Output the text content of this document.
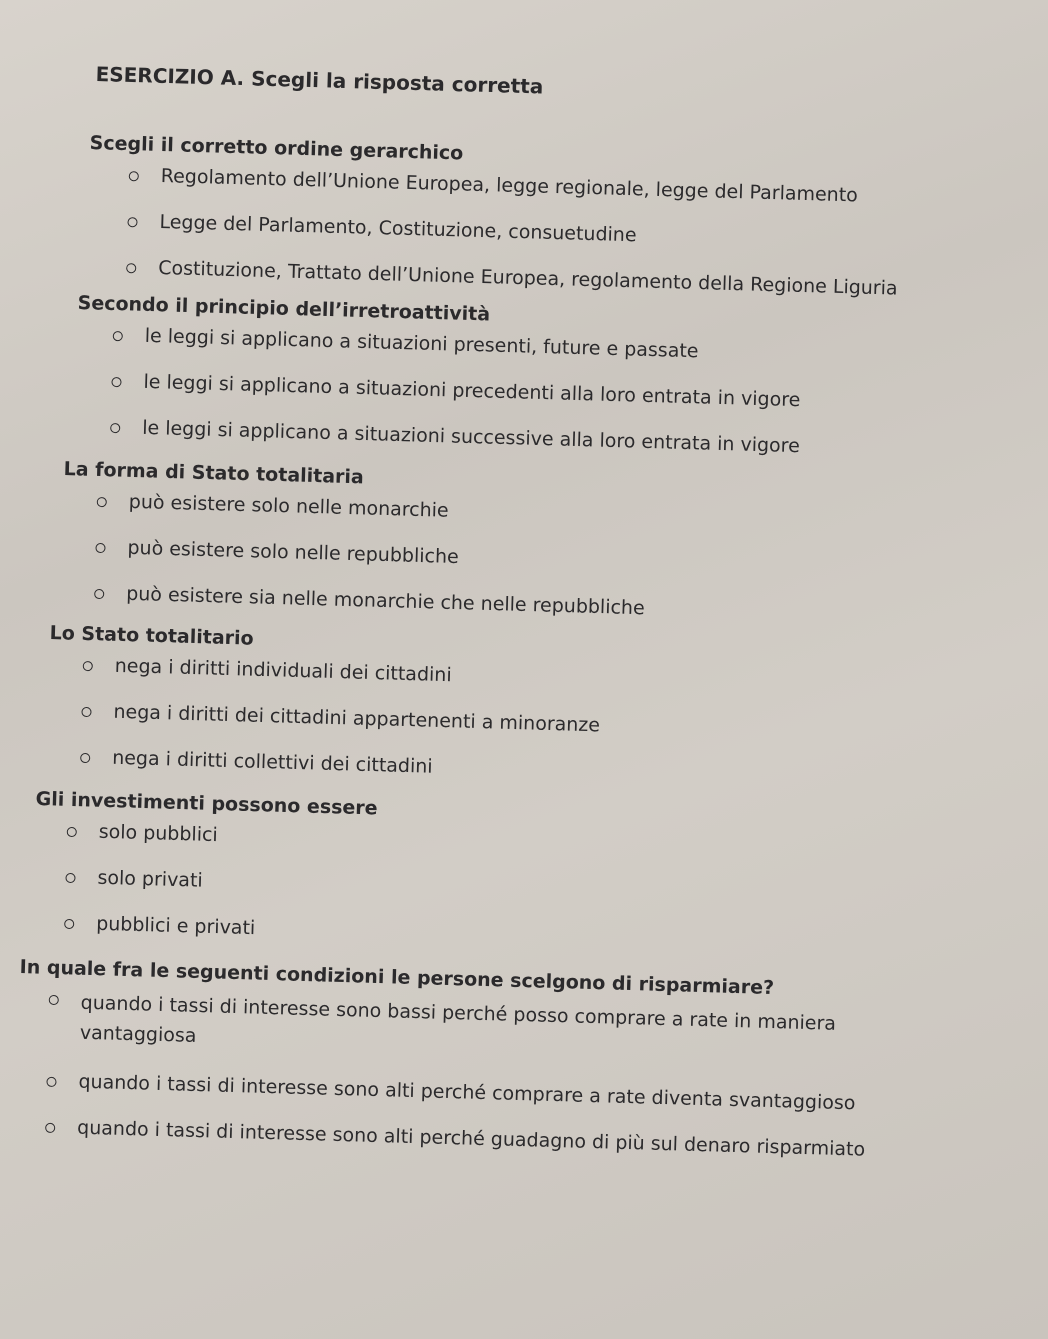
ESERCIZIO A. Scegli la risposta corretta

Scegli il corretto ordine gerarchico

Regolamento dell’Unione Europea, legge regionale, legge del Parlamento
Legge del Parlamento, Costituzione, consuetudine
Costituzione, Trattato dell’Unione Europea, regolamento della Regione Liguria

Secondo il principio dell’irretroattività

le leggi si applicano a situazioni presenti, future e passate
le leggi si applicano a situazioni precedenti alla loro entrata in vigore
le leggi si applicano a situazioni successive alla loro entrata in vigore

La forma di Stato totalitaria

può esistere solo nelle monarchie
può esistere solo nelle repubbliche
può esistere sia nelle monarchie che nelle repubbliche

Lo Stato totalitario

nega i diritti individuali dei cittadini
nega i diritti dei cittadini appartenenti a minoranze
nega i diritti collettivi dei cittadini

Gli investimenti possono essere

solo pubblici
solo privati
pubblici e privati

In quale fra le seguenti condizioni le persone scelgono di risparmiare?

quando i tassi di interesse sono bassi perché posso comprare a rate in maniera vantaggiosa
quando i tassi di interesse sono alti perché comprare a rate diventa svantaggioso
quando i tassi di interesse sono alti perché guadagno di più sul denaro risparmiato
